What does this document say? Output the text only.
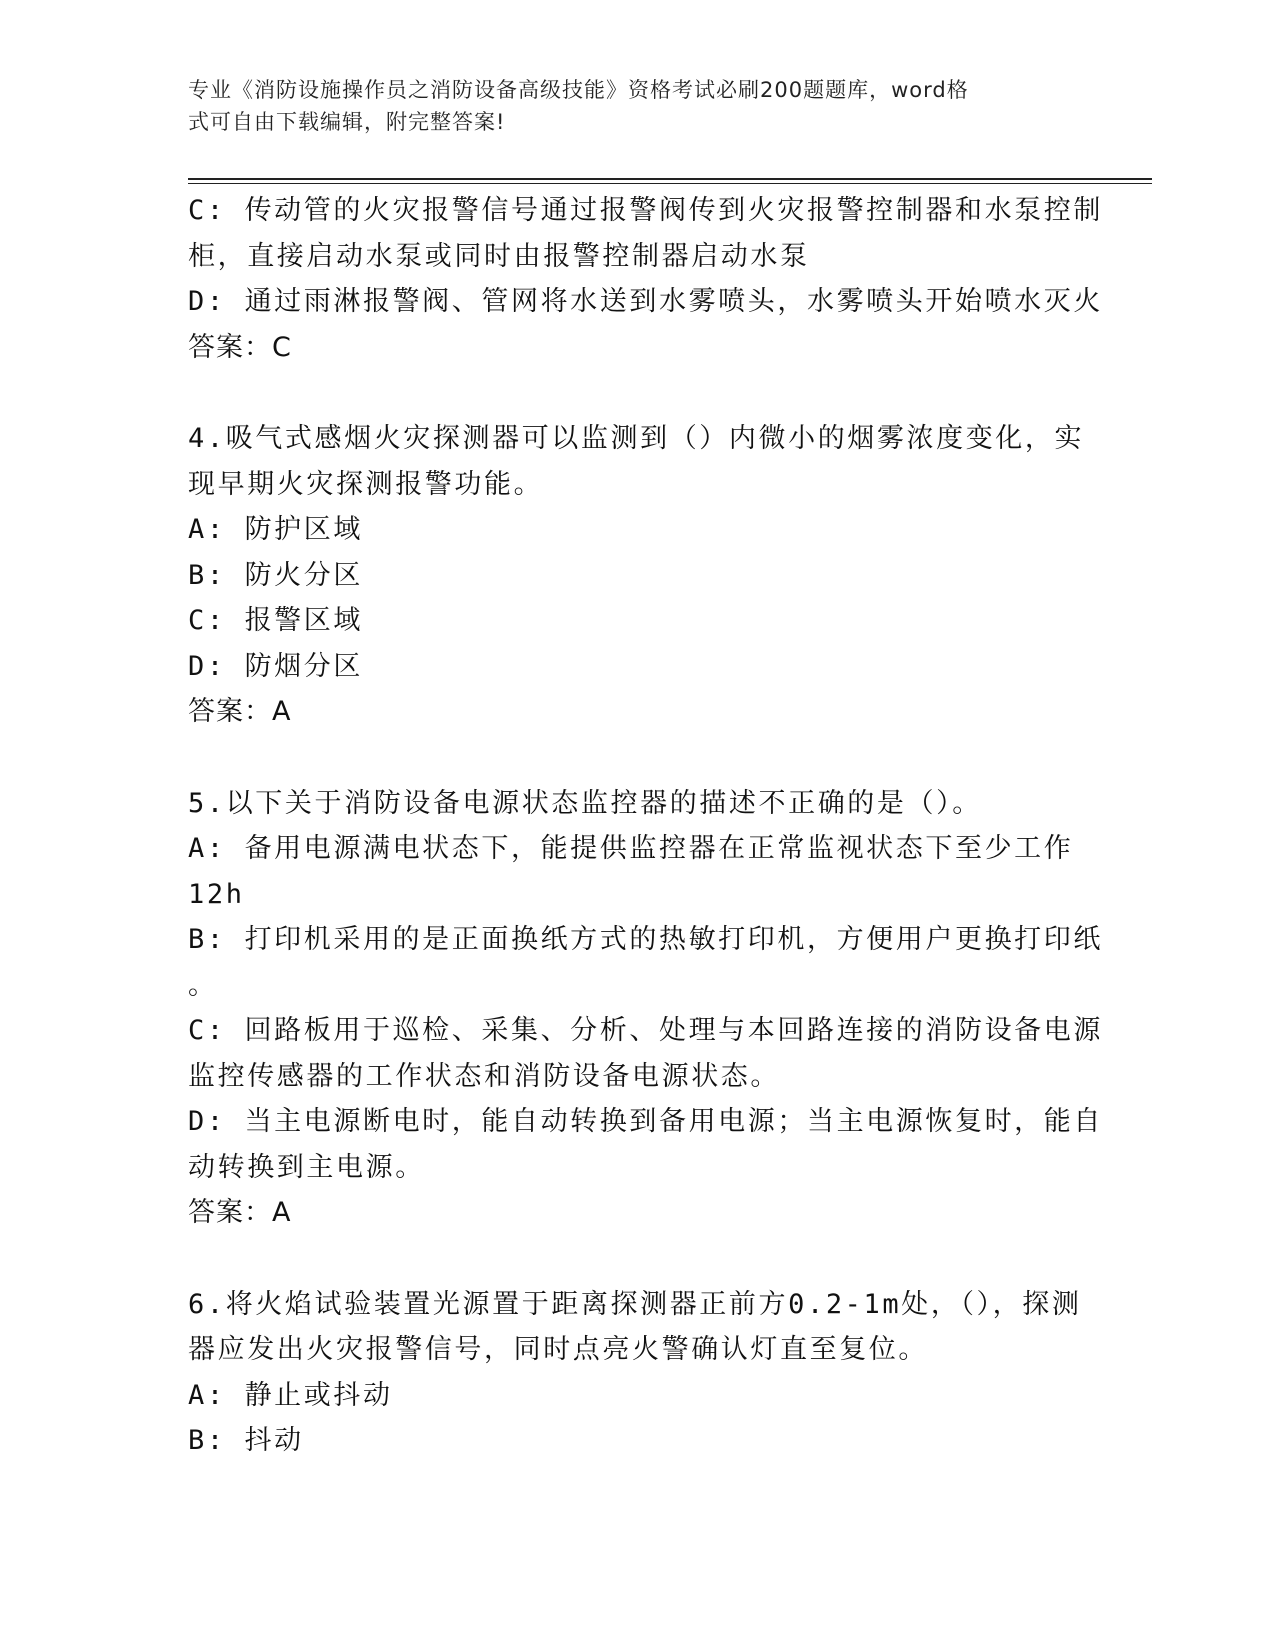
专业《消防设施操作员之消防设备高级技能》资格考试必刷200题题库，word格
式可自由下载编辑，附完整答案!
C: 传动管的火灾报警信号通过报警阀传到火灾报警控制器和水泵控制
柜，直接启动水泵或同时由报警控制器启动水泵
D: 通过雨淋报警阀、管网将水送到水雾喷头，水雾喷头开始喷水灭火
答案：C
4.吸气式感烟火灾探测器可以监测到（）内微小的烟雾浓度变化，实
现早期火灾探测报警功能。
A: 防护区域
B: 防火分区
C: 报警区域
D: 防烟分区
答案：A
5.以下关于消防设备电源状态监控器的描述不正确的是（）。
A: 备用电源满电状态下，能提供监控器在正常监视状态下至少工作
12h
B: 打印机采用的是正面换纸方式的热敏打印机，方便用户更换打印纸
。
C: 回路板用于巡检、采集、分析、处理与本回路连接的消防设备电源
监控传感器的工作状态和消防设备电源状态。
D: 当主电源断电时，能自动转换到备用电源；当主电源恢复时，能自
动转换到主电源。
答案：A
6.将火焰试验装置光源置于距离探测器正前方0.2-1m处，（），探测
器应发出火灾报警信号，同时点亮火警确认灯直至复位。
A: 静止或抖动
B: 抖动
